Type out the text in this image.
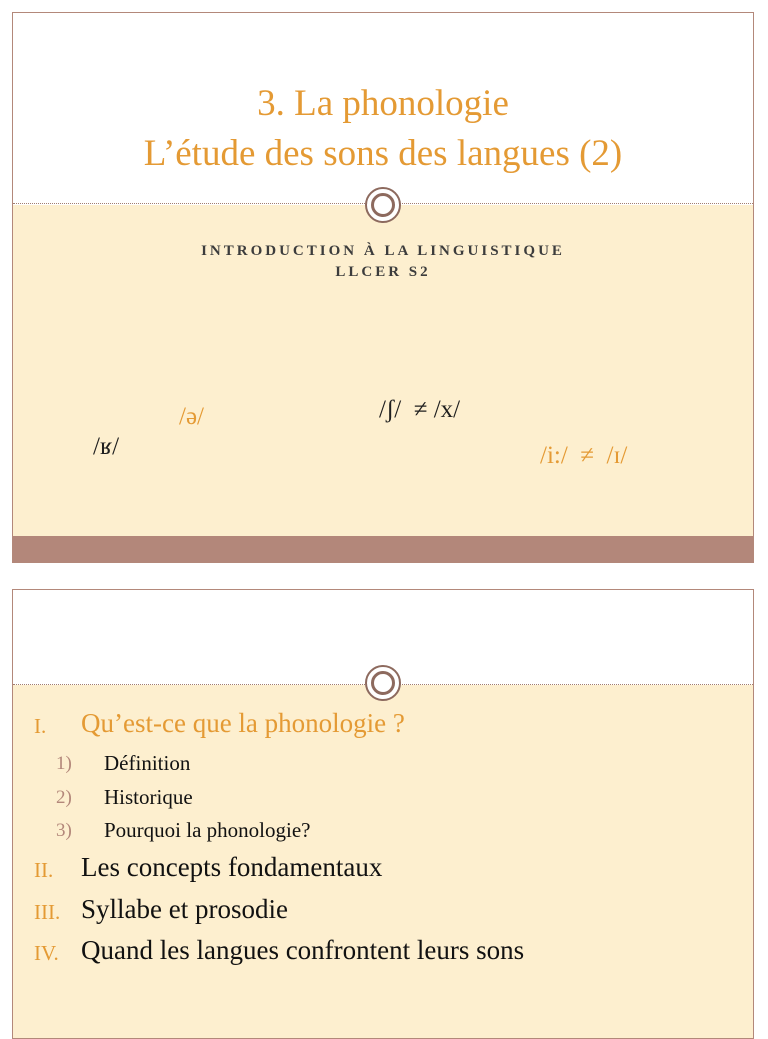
3. La phonologie
L’étude des sons des langues (2)
INTRODUCTION À LA LINGUISTIQUE
LLCER S2
/ə/
/ʁ/
/ʃ/  ≠ /x/
/i:/  ≠  /ɪ/
I. Qu’est-ce que la phonologie ?
1) Définition
2) Historique
3) Pourquoi la phonologie?
II. Les concepts fondamentaux
III. Syllabe et prosodie
IV. Quand les langues confrontent leurs sons
